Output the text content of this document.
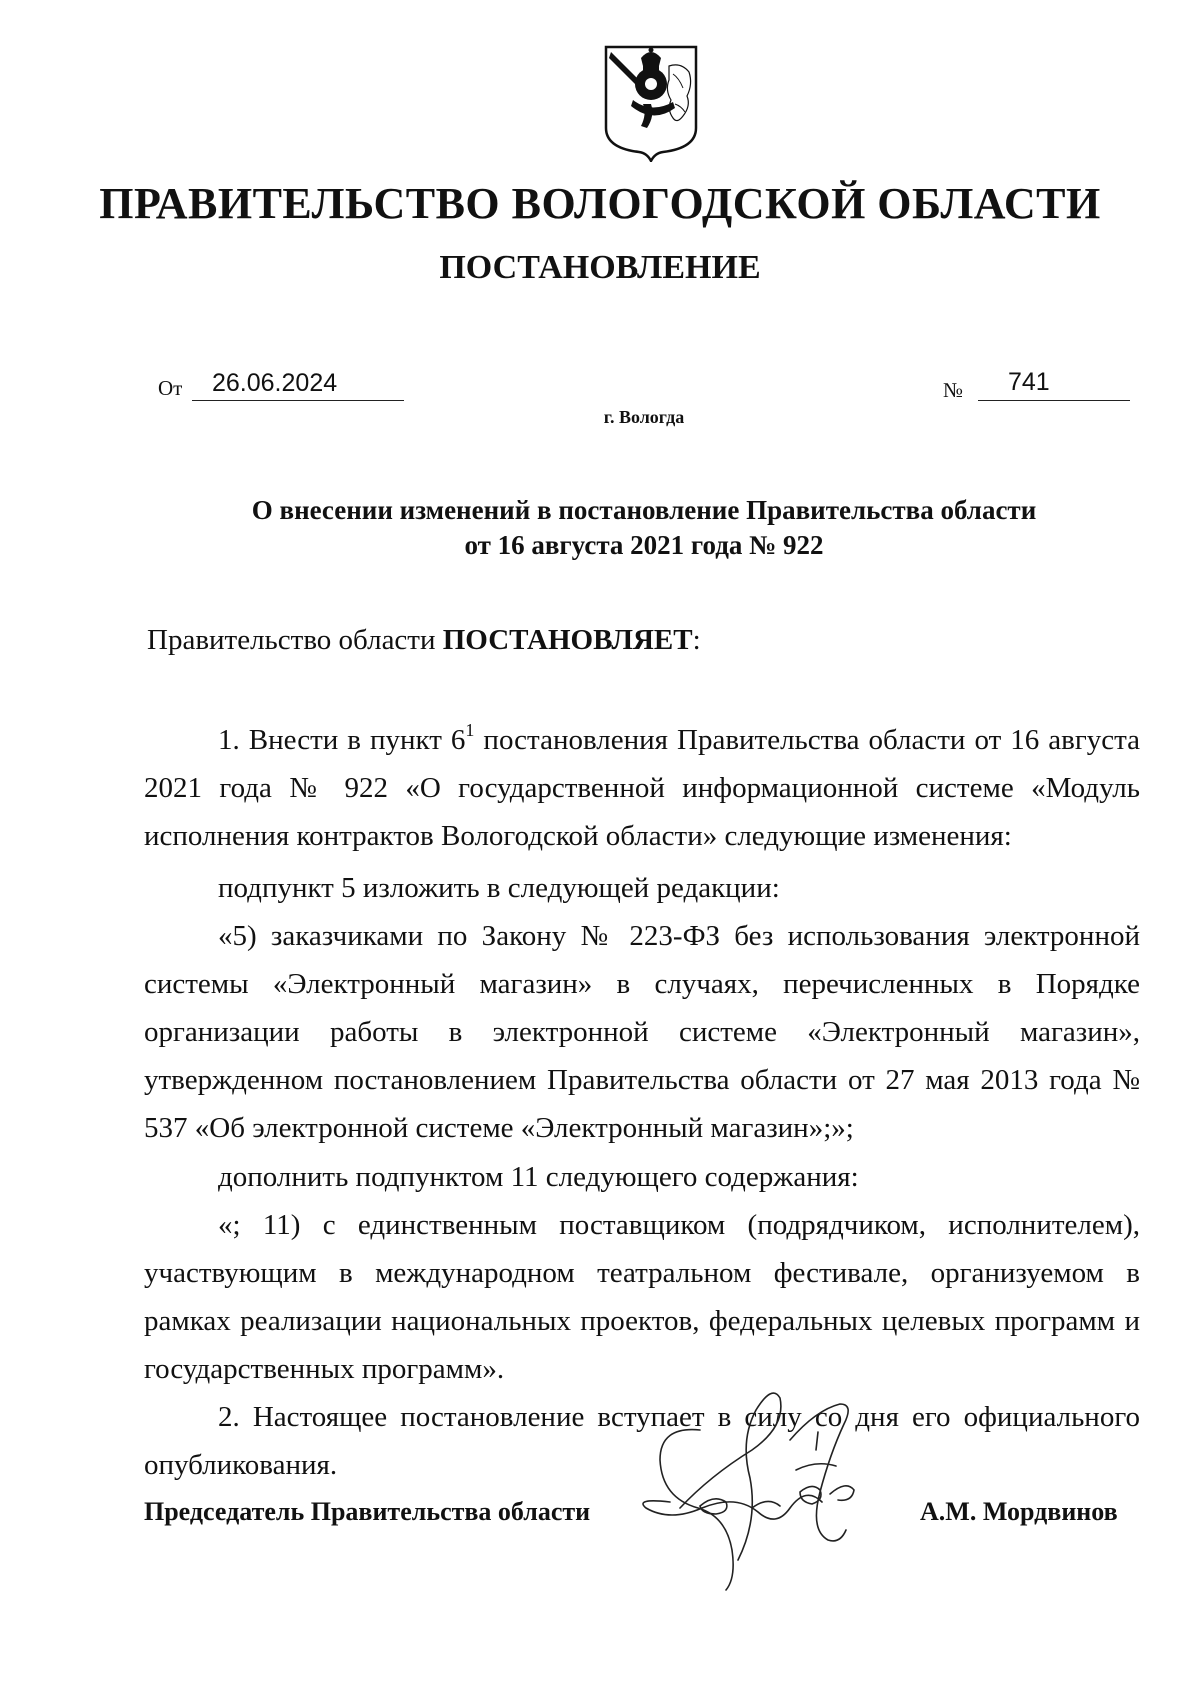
ПРАВИТЕЛЬСТВО ВОЛОГОДСКОЙ ОБЛАСТИ
ПОСТАНОВЛЕНИЕ
От	26.06.2024	№	741
г. Вологда
О внесении изменений в постановление Правительства области
от 16 августа 2021 года № 922
Правительство области ПОСТАНОВЛЯЕТ:

1. Внести в пункт $6^1$ постановления Правительства области от 16 августа 2021 года № 922 «О государственной информационной системе «Модуль исполнения контрактов Вологодской области» следующие изменения:

подпункт 5 изложить в следующей редакции:

«5) заказчиками по Закону № 223-ФЗ без использования электронной системы «Электронный магазин» в случаях, перечисленных в Порядке организации работы в электронной системе «Электронный магазин», утвержденном постановлением Правительства области от 27 мая 2013 года № 537 «Об электронной системе «Электронный магазин»;»;

дополнить подпунктом 11 следующего содержания:

«; 11) с единственным поставщиком (подрядчиком, исполнителем), участвующим в международном театральном фестивале, организуемом в рамках реализации национальных проектов, федеральных целевых программ и государственных программ».

2. Настоящее постановление вступает в силу со дня его официального опубликования.

Председатель Правительства области	А.М. Мордвинов
